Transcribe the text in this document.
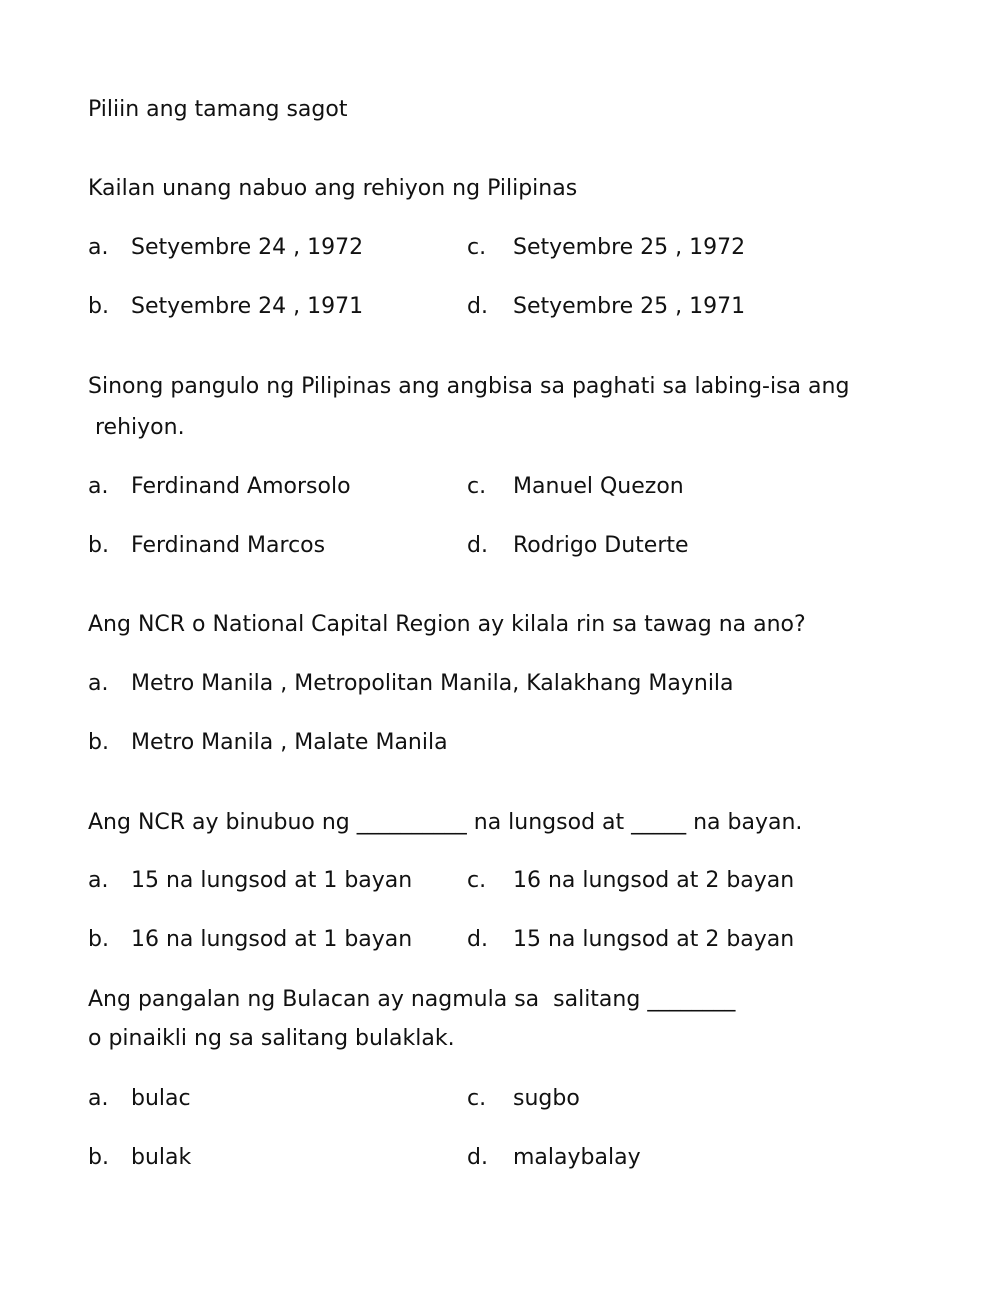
Piliin ang tamang sagot
Kailan unang nabuo ang rehiyon ng Pilipinas
a. Setyembre 24 , 1972	c. Setyembre 25 , 1972
b. Setyembre 24 , 1971	d. Setyembre 25 , 1971
Sinong pangulo ng Pilipinas ang angbisa sa paghati sa labing-isa ang
rehiyon.
a. Ferdinand Amorsolo	c. Manuel Quezon
b. Ferdinand Marcos	d. Rodrigo Duterte
Ang NCR o National Capital Region ay kilala rin sa tawag na ano?
a. Metro Manila , Metropolitan Manila, Kalakhang Maynila
b. Metro Manila , Malate Manila
Ang NCR ay binubuo ng __________ na lungsod at _____ na bayan.
a. 15 na lungsod at 1 bayan c. 16 na lungsod at 2 bayan
b. 16 na lungsod at 1 bayan d. 15 na lungsod at 2 bayan
Ang pangalan ng Bulacan ay nagmula sa  salitang ________
o pinaikli ng sa salitang bulaklak.
a. bulac	c. sugbo
b. bulak	d. malaybalay
